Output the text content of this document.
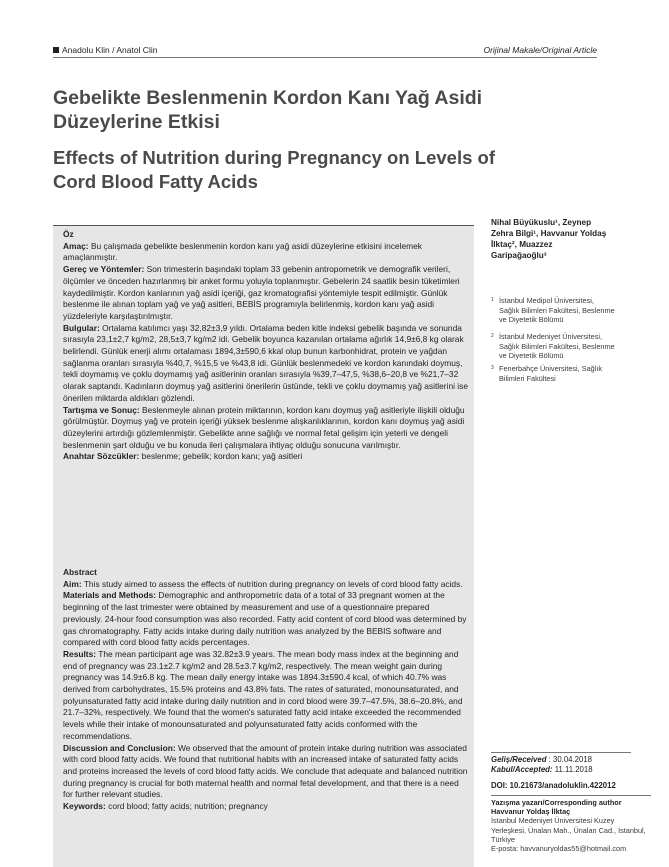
Anadolu Klin / Anatol Clin	Orijinal Makale/Original Article
Gebelikte Beslenmenin Kordon Kanı Yağ Asidi Düzeylerine Etkisi
Effects of Nutrition during Pregnancy on Levels of Cord Blood Fatty Acids

Öz

Amaç: Bu çalışmada gebelikte beslenmenin kordon kanı yağ asidi düzeylerine etkisini incelemek amaçlanmıştır.

Gereç ve Yöntemler: Son trimesterin başındaki toplam 33 gebenin antropometrik ve demografik verileri, ölçümler ve önceden hazırlanmış bir anket formu yoluyla toplanmıştır. Gebelerin 24 saatlik besin tüketimleri kaydedilmiştir. Kordon kanlarının yağ asidi içeriği, gaz kromatografisi yöntemiyle tespit edilmiştir. Günlük beslenme ile alınan toplam yağ ve yağ asitleri, BEBİS programıyla belirlenmiş, kordon kanı yağ asidi yüzdeleriyle karşılaştırılmıştır.

Bulgular: Ortalama katılımcı yaşı 32,82±3,9 yıldı. Ortalama beden kitle indeksi gebelik başında ve sonunda sırasıyla 23,1±2,7 kg/m2, 28,5±3,7 kg/m2 idi. Gebelik boyunca kazanılan ortalama ağırlık 14,9±6,8 kg olarak belirlendi. Günlük enerji alımı ortalaması 1894,3±590,6 kkal olup bunun karbonhidrat, protein ve yağdan sağlanma oranları sırasıyla %40,7, %15,5 ve %43,8 idi. Günlük beslenmedeki ve kordon kanındaki doymuş, tekli doymamış ve çoklu doymamış yağ asitlerinin oranları sırasıyla %39,7–47,5, %38,6–20,8 ve %21,7–32 olarak saptandı. Kadınların doymuş yağ asitlerini önerilerin üstünde, tekli ve çoklu doymamış yağ asitlerini ise önerilen miktarda aldıkları gözlendi.

Tartışma ve Sonuç: Beslenmeyle alınan protein miktarının, kordon kanı doymuş yağ asitleriyle ilişkili olduğu görülmüştür. Doymuş yağ ve protein içeriği yüksek beslenme alışkanlıklarının, kordon kanı doymuş yağ asidi düzeylerini artırdığı gözlemlenmiştir. Gebelikte anne sağlığı ve normal fetal gelişim için yeterli ve dengeli beslenmenin şart olduğu ve bu konuda ileri çalışmalara ihtiyaç olduğu sonucuna varılmıştır.

Anahtar Sözcükler: beslenme; gebelik; kordon kanı; yağ asitleri

Abstract

Aim: This study aimed to assess the effects of nutrition during pregnancy on levels of cord blood fatty acids.

Materials and Methods: Demographic and anthropometric data of a total of 33 pregnant women at the beginning of the last trimester were obtained by measurement and use of a questionnaire prepared previously. 24-hour food consumption was also recorded. Fatty acid content of cord blood was determined by gas chromatography. Fatty acids intake during daily nutrition was analyzed by the BEBIS software and compared with cord blood fatty acids percentages.

Results: The mean participant age was 32.82±3.9 years. The mean body mass index at the beginning and end of pregnancy was 23.1±2.7 kg/m2 and 28.5±3.7 kg/m2, respectively. The mean weight gain during pregnancy was 14.9±6.8 kg. The mean daily energy intake was 1894.3±590.4 kcal, of which 40.7% was derived from carbohydrates, 15.5% proteins and 43.8% fats. The rates of saturated, monounsaturated, and polyunsaturated fatty acid intake during daily nutrition and in cord blood were 39.7–47.5%, 38.6–20.8%, and 21.7–32%, respectively. We found that the women's saturated fatty acid intake exceeded the recommended levels while their intake of monounsaturated and polyunsaturated fatty acids conformed with the recommendations.

Discussion and Conclusion: We observed that the amount of protein intake during nutrition was associated with cord blood fatty acids. We found that nutritional habits with an increased intake of saturated fatty acids and proteins increased the levels of cord blood fatty acids. We conclude that adequate and balanced nutrition during pregnancy is crucial for both maternal health and normal fetal development, and that there is a need for further relevant studies.

Keywords: cord blood; fatty acids; nutrition; pregnancy

Nihal Büyükuslu¹, Zeynep Zehra Bilgi¹, Havvanur Yoldaş İlktaç², Muazzez Garipağaoğlu³
1 İstanbul Medipol Üniversitesi, Sağlık Bilimleri Fakültesi, Beslenme ve Diyetetik Bölümü
2 İstanbul Medeniyet Üniversitesi, Sağlık Bilimleri Fakültesi, Beslenme ve Diyetetik Bölümü
3 Fenerbahçe Üniversitesi, Sağlık Bilimleri Fakültesi
Geliş/Received : 30.04.2018
Kabul/Accepted: 11.11.2018
DOI: 10.21673/anadoluklin.422012
Yazışma yazarı/Corresponding author
Havvanur Yoldaş İlktaç
İstanbul Medeniyet Üniversitesi Kuzey Yerleşkesi, Ünalan Mah., Ünalan Cad., İstanbul, Türkiye
E-posta: havvanuryoldas55@hotmail.com
